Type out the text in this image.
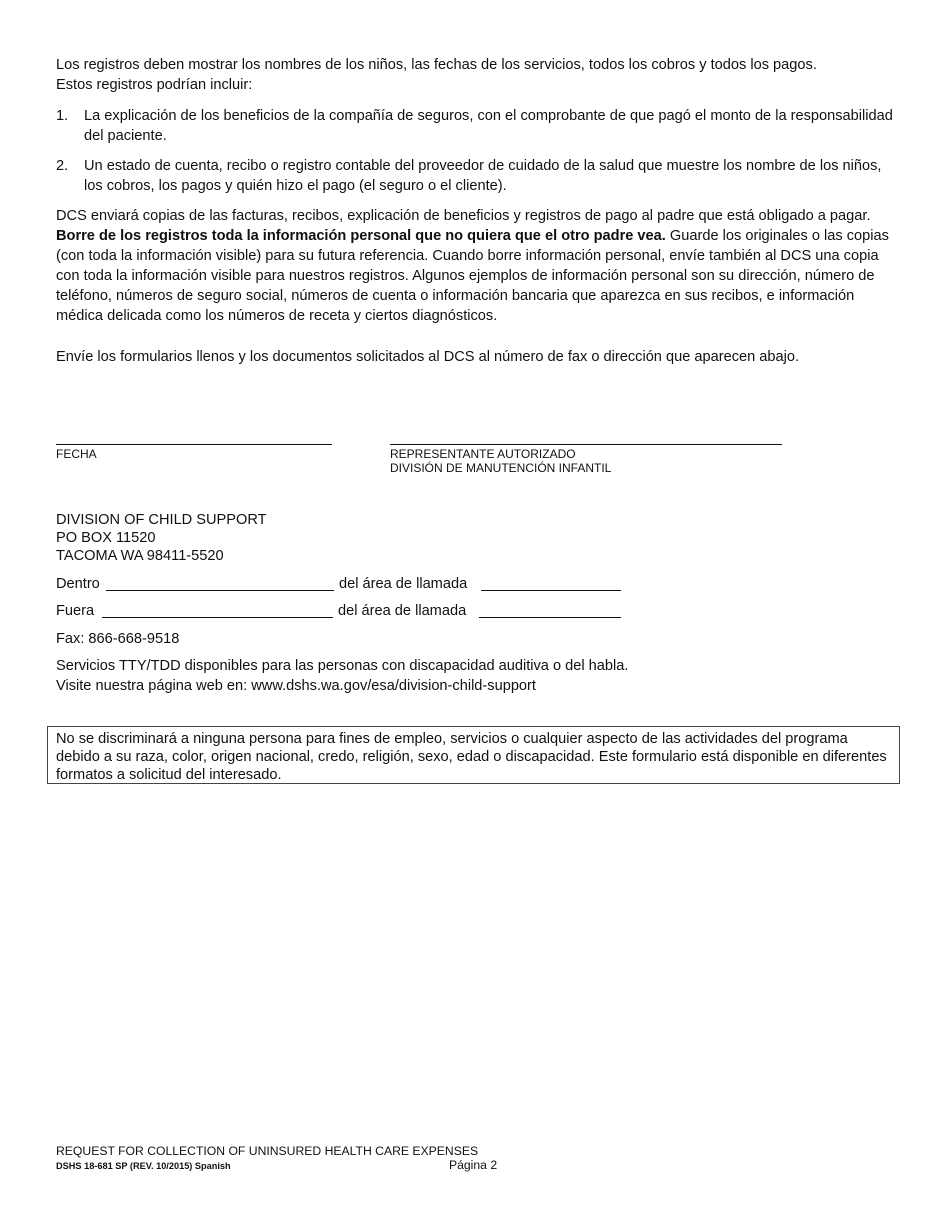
Los registros deben mostrar los nombres de los niños, las fechas de los servicios, todos los cobros y todos los pagos.

Estos registros podrían incluir:

1. La explicación de los beneficios de la compañía de seguros, con el comprobante de que pagó el monto de la responsabilidad del paciente.
2. Un estado de cuenta, recibo o registro contable del proveedor de cuidado de la salud que muestre los nombre de los niños, los cobros, los pagos y quién hizo el pago (el seguro o el cliente).
DCS enviará copias de las facturas, recibos, explicación de beneficios y registros de pago al padre que está obligado a pagar. Borre de los registros toda la información personal que no quiera que el otro padre vea. Guarde los originales o las copias (con toda la información visible) para su futura referencia. Cuando borre información personal, envíe también al DCS una copia con toda la información visible para nuestros registros. Algunos ejemplos de información personal son su dirección, número de teléfono, números de seguro social, números de cuenta o información bancaria que aparezca en sus recibos, e información médica delicada como los números de receta y ciertos diagnósticos.
Envíe los formularios llenos y los documentos solicitados al DCS al número de fax o dirección que aparecen abajo.
FECHA	REPRESENTANTE AUTORIZADO
DIVISIÓN DE MANUTENCIÓN INFANTIL
DIVISION OF CHILD SUPPORT
PO BOX 11520
TACOMA WA 98411-5520
Dentro	del área de llamada
Fuera	del área de llamada
Fax: 866-668-9518
Servicios TTY/TDD disponibles para las personas con discapacidad auditiva o del habla.
Visite nuestra página web en: www.dshs.wa.gov/esa/division-child-support
No se discriminará a ninguna persona para fines de empleo, servicios o cualquier aspecto de las actividades del programa debido a su raza, color, origen nacional, credo, religión, sexo, edad o discapacidad. Este formulario está disponible en diferentes formatos a solicitud del interesado.
REQUEST FOR COLLECTION OF UNINSURED HEALTH CARE EXPENSES
DSHS 18-681 SP (REV. 10/2015) Spanish	Página 2
